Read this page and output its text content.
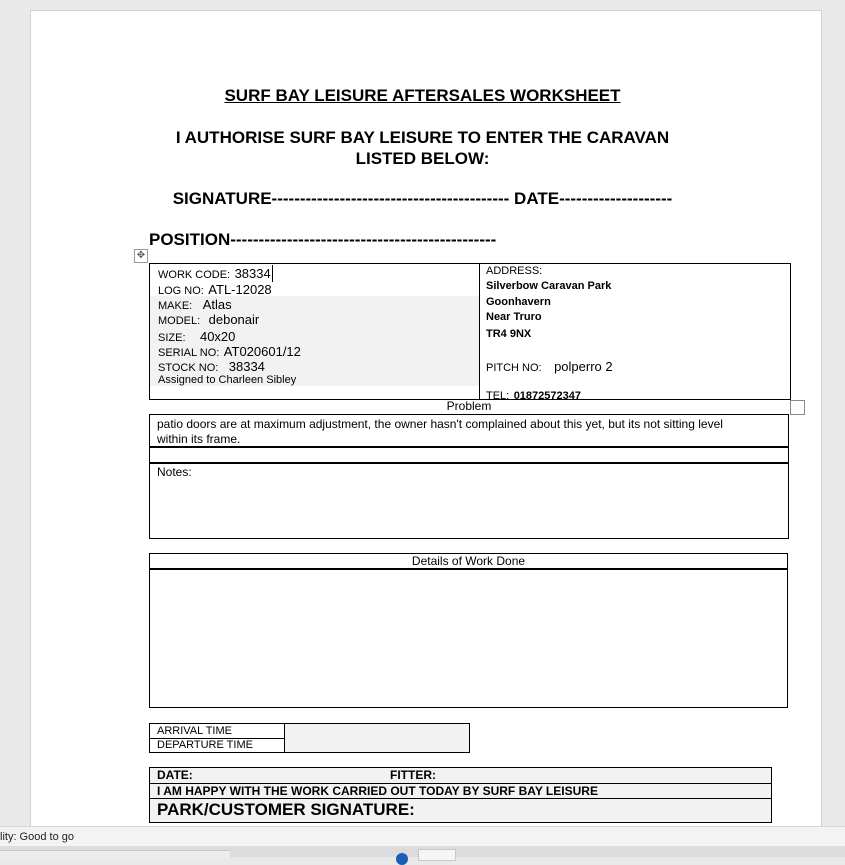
SURF BAY LEISURE AFTERSALES WORKSHEET
I AUTHORISE SURF BAY LEISURE TO ENTER THE CARAVAN
LISTED BELOW:
SIGNATURE------------------------------------------ DATE--------------------
POSITION-----------------------------------------------
✥
WORK CODE: 38334
LOG NO: ATL-12028
MAKE: Atlas
MODEL: debonair
SIZE: 40x20
SERIAL NO: AT020601/12
STOCK NO: 38334
Assigned to Charleen Sibley
ADDRESS:
Silverbow Caravan Park
Goonhavern
Near Truro
TR4 9NX
PITCH NO: polperro 2
TEL: 01872572347
Problem
patio doors are at maximum adjustment, the owner hasn't complained about this yet, but its not sitting level
within its frame.
Notes:
Details of Work Done
ARRIVAL TIME
DEPARTURE TIME
DATE:	FITTER:
I AM HAPPY WITH THE WORK CARRIED OUT TODAY BY SURF BAY LEISURE
PARK/CUSTOMER SIGNATURE:
lity: Good to go
